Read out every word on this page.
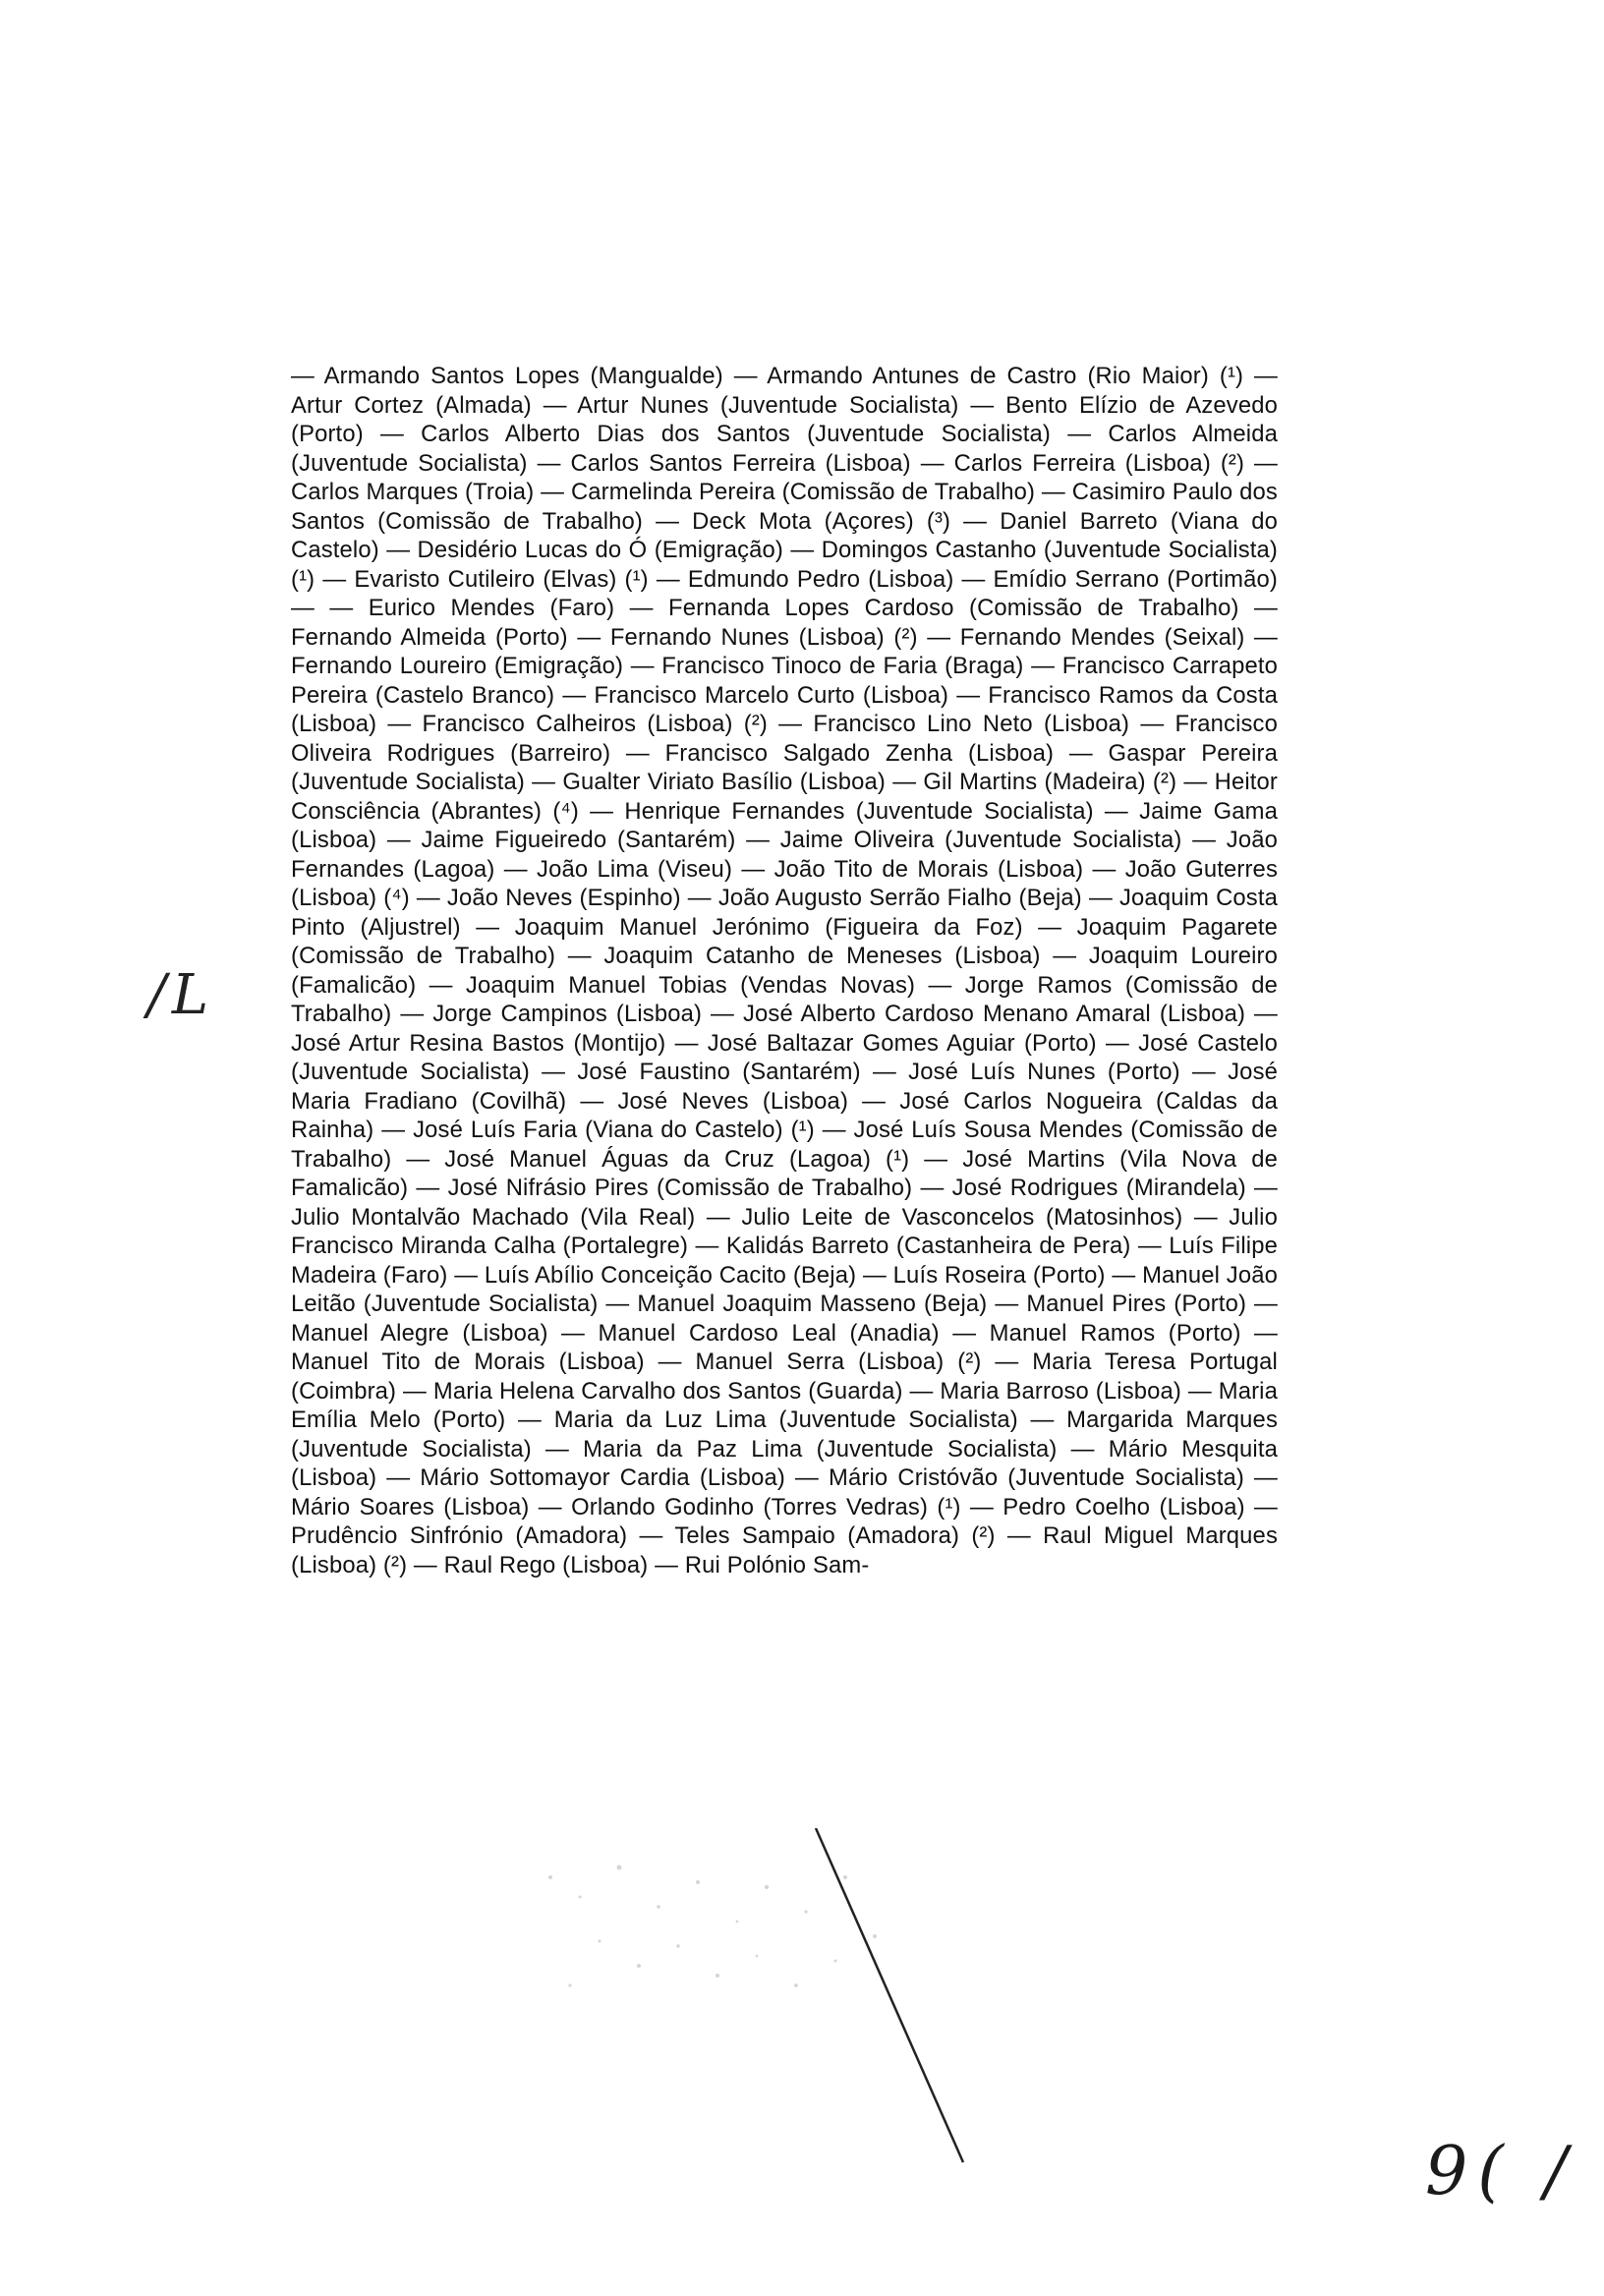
— Armando Santos Lopes (Mangualde) — Armando Antunes de Castro (Rio Maior) (¹) — Artur Cortez (Almada) — Artur Nunes (Juventude Socialista) — Bento Elízio de Azevedo (Porto) — Carlos Alberto Dias dos Santos (Juventude Socialista) — Carlos Almeida (Juventude Socialista) — Carlos Santos Ferreira (Lisboa) — Carlos Ferreira (Lisboa) (²) — Carlos Marques (Troia) — Carmelinda Pereira (Comissão de Trabalho) — Casimiro Paulo dos Santos (Comissão de Trabalho) — Deck Mota (Açores) (³) — Daniel Barreto (Viana do Castelo) — Desidério Lucas do Ó (Emigração) — Domingos Castanho (Juventude Socialista) (¹) — Evaristo Cutileiro (Elvas) (¹) — Edmundo Pedro (Lisboa) — Emídio Serrano (Portimão) — — Eurico Mendes (Faro) — Fernanda Lopes Cardoso (Comissão de Trabalho) — Fernando Almeida (Porto) — Fernando Nunes (Lisboa) (²) — Fernando Mendes (Seixal) — Fernando Loureiro (Emigração) — Francisco Tinoco de Faria (Braga) — Francisco Carrapeto Pereira (Castelo Branco) — Francisco Marcelo Curto (Lisboa) — Francisco Ramos da Costa (Lisboa) — Francisco Calheiros (Lisboa) (²) — Francisco Lino Neto (Lisboa) — Francisco Oliveira Rodrigues (Barreiro) — Francisco Salgado Zenha (Lisboa) — Gaspar Pereira (Juventude Socialista) — Gualter Viriato Basílio (Lisboa) — Gil Martins (Madeira) (²) — Heitor Consciência (Abrantes) (⁴) — Henrique Fernandes (Juventude Socialista) — Jaime Gama (Lisboa) — Jaime Figueiredo (Santarém) — Jaime Oliveira (Juventude Socialista) — João Fernandes (Lagoa) — João Lima (Viseu) — João Tito de Morais (Lisboa) — João Guterres (Lisboa) (⁴) — João Neves (Espinho) — João Augusto Serrão Fialho (Beja) — Joaquim Costa Pinto (Aljustrel) — Joaquim Manuel Jerónimo (Figueira da Foz) — Joaquim Pagarete (Comissão de Trabalho) — Joaquim Catanho de Meneses (Lisboa) — Joaquim Loureiro (Famalicão) — Joaquim Manuel Tobias (Vendas Novas) — Jorge Ramos (Comissão de Trabalho) — Jorge Campinos (Lisboa) — José Alberto Cardoso Menano Amaral (Lisboa) — José Artur Resina Bastos (Montijo) — José Baltazar Gomes Aguiar (Porto) — José Castelo (Juventude Socialista) — José Faustino (Santarém) — José Luís Nunes (Porto) — José Maria Fradiano (Covilhã) — José Neves (Lisboa) — José Carlos Nogueira (Caldas da Rainha) — José Luís Faria (Viana do Castelo) (¹) — José Luís Sousa Mendes (Comissão de Trabalho) — José Manuel Águas da Cruz (Lagoa) (¹) — José Martins (Vila Nova de Famalicão) — José Nifrásio Pires (Comissão de Trabalho) — José Rodrigues (Mirandela) — Julio Montalvão Machado (Vila Real) — Julio Leite de Vasconcelos (Matosinhos) — Julio Francisco Miranda Calha (Portalegre) — Kalidás Barreto (Castanheira de Pera) — Luís Filipe Madeira (Faro) — Luís Abílio Conceição Cacito (Beja) — Luís Roseira (Porto) — Manuel João Leitão (Juventude Socialista) — Manuel Joaquim Masseno (Beja) — Manuel Pires (Porto) — Manuel Alegre (Lisboa) — Manuel Cardoso Leal (Anadia) — Manuel Ramos (Porto) — Manuel Tito de Morais (Lisboa) — Manuel Serra (Lisboa) (²) — Maria Teresa Portugal (Coimbra) — Maria Helena Carvalho dos Santos (Guarda) — Maria Barroso (Lisboa) — Maria Emília Melo (Porto) — Maria da Luz Lima (Juventude Socialista) — Margarida Marques (Juventude Socialista) — Maria da Paz Lima (Juventude Socialista) — Mário Mesquita (Lisboa) — Mário Sottomayor Cardia (Lisboa) — Mário Cristóvão (Juventude Socialista) — Mário Soares (Lisboa) — Orlando Godinho (Torres Vedras) (¹) — Pedro Coelho (Lisboa) — Prudêncio Sinfrónio (Amadora) — Teles Sampaio (Amadora) (²) — Raul Miguel Marques (Lisboa) (²) — Raul Rego (Lisboa) — Rui Polónio Sam-

/L
9( /
